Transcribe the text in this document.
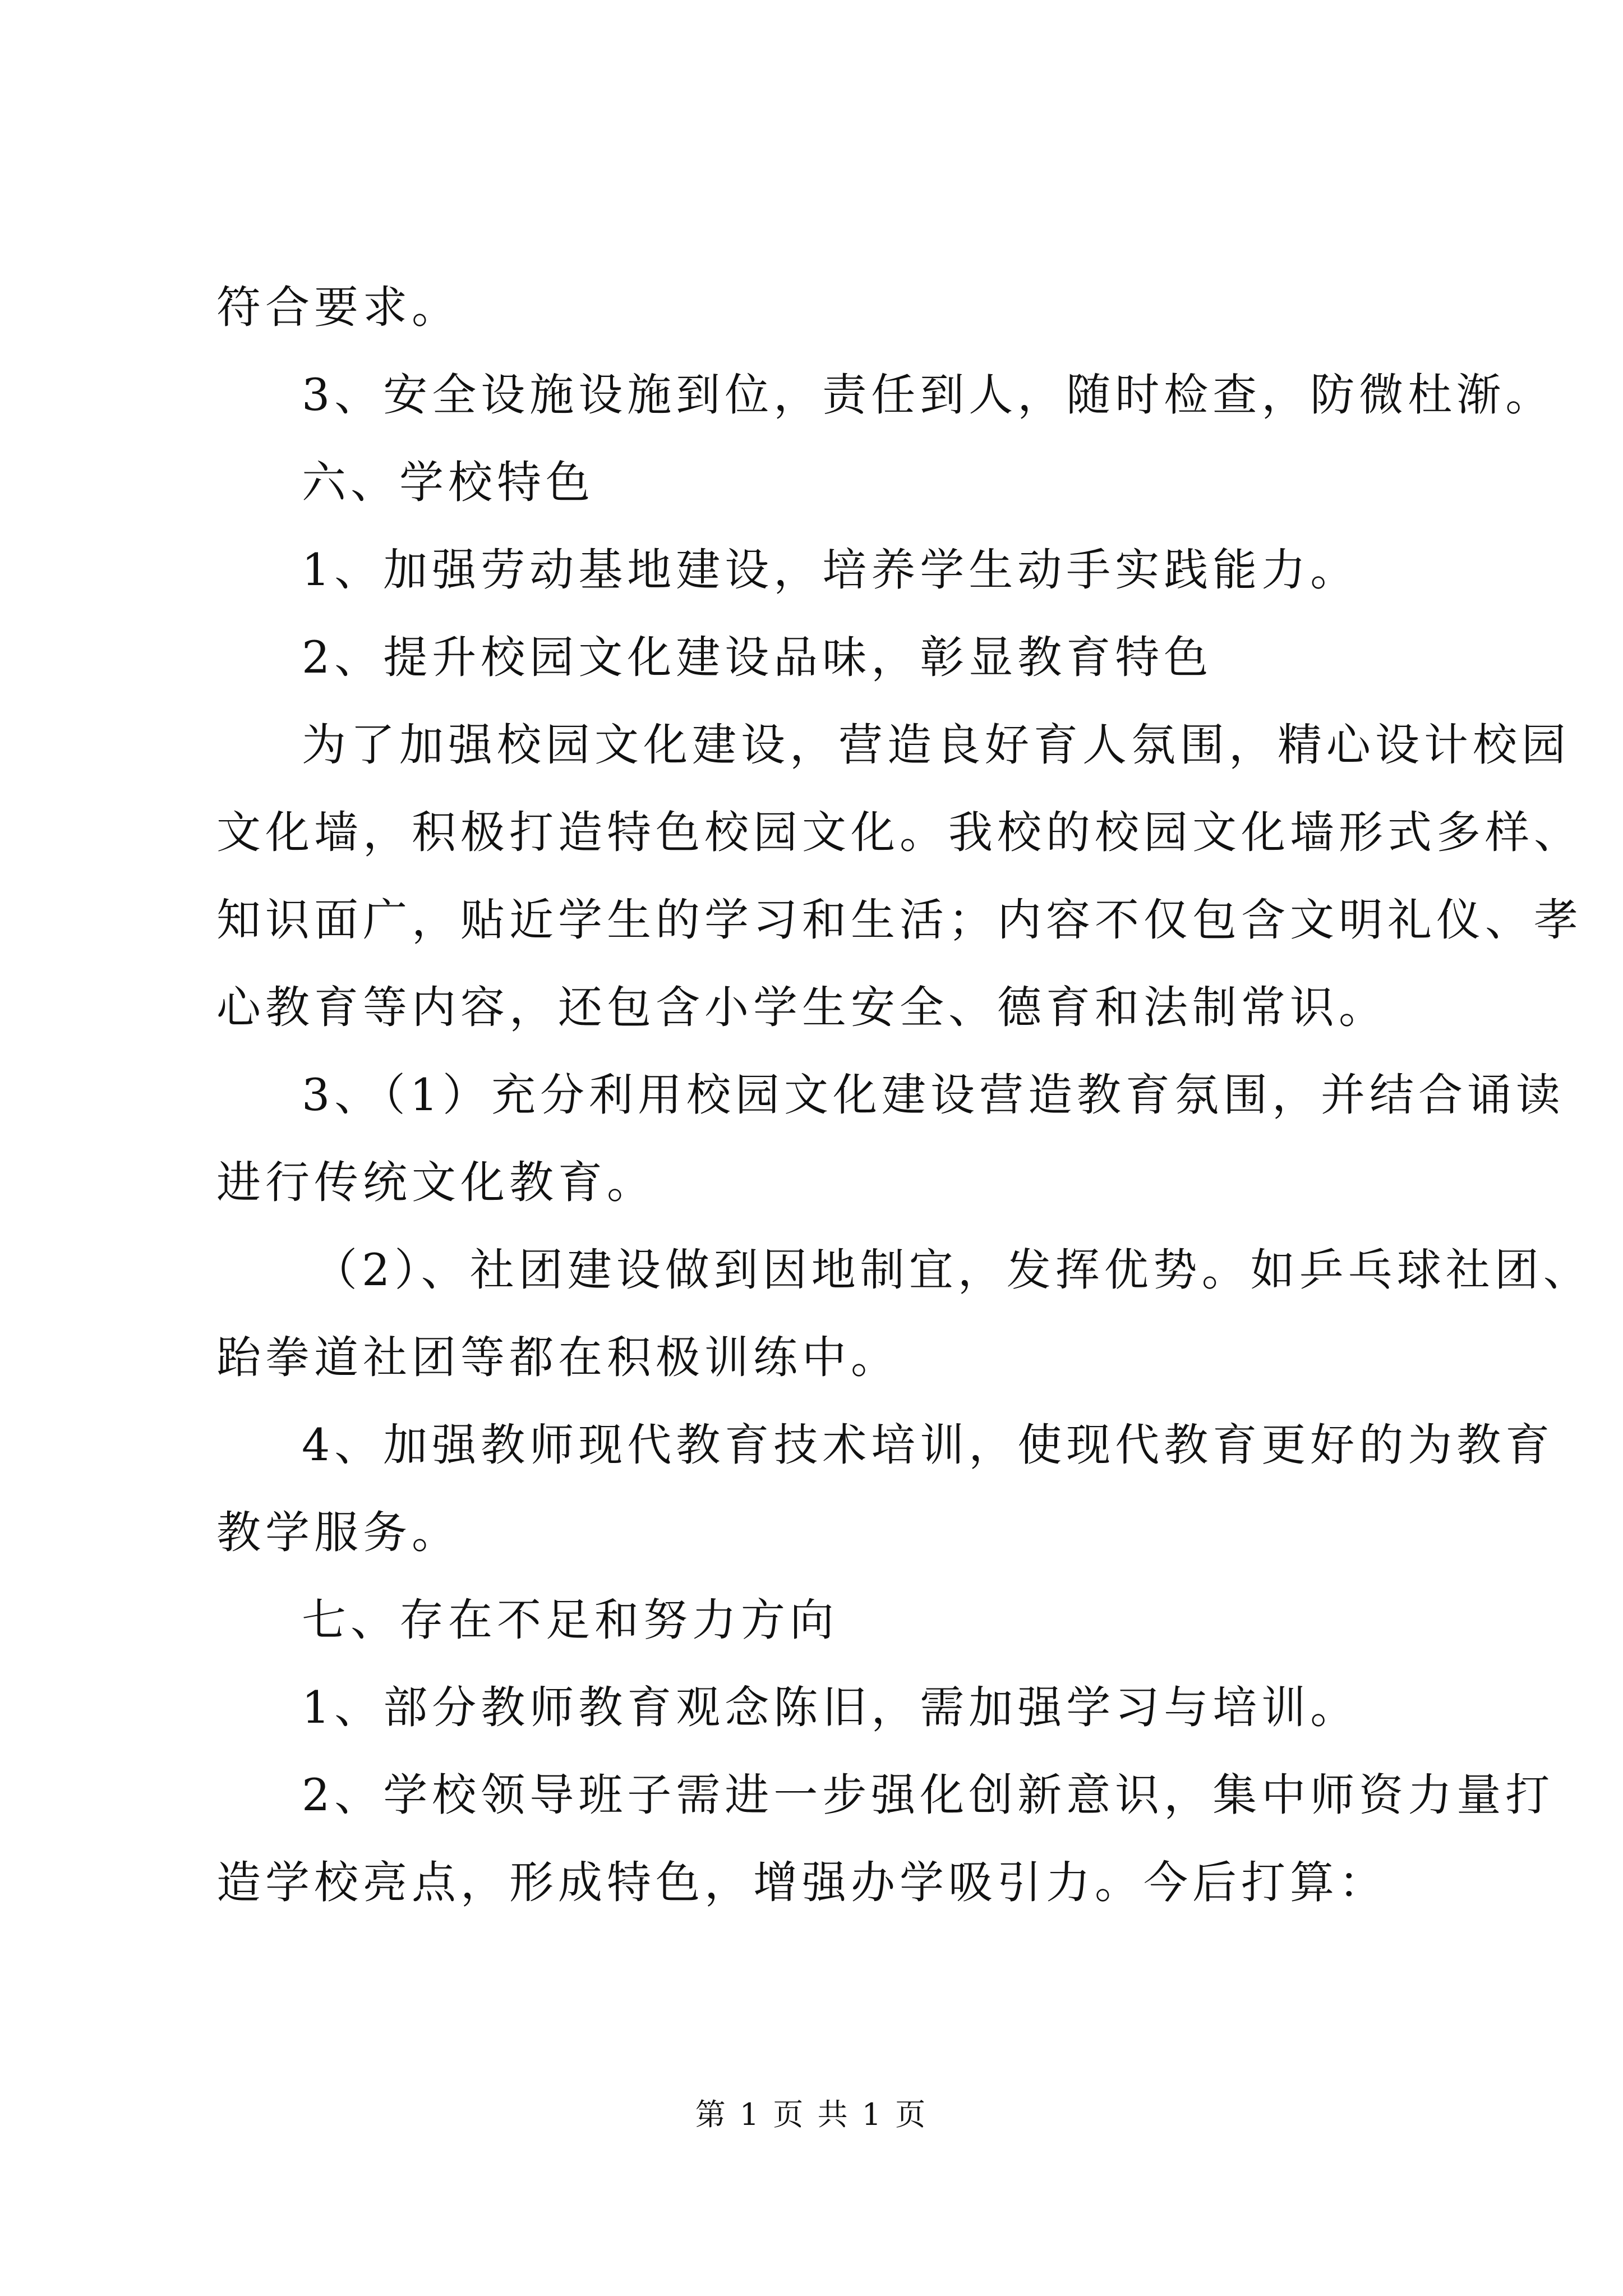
符合要求。

3、安全设施设施到位，责任到人，随时检查，防微杜渐。

六、学校特色

1、加强劳动基地建设，培养学生动手实践能力。

2、提升校园文化建设品味，彰显教育特色

为了加强校园文化建设，营造良好育人氛围，精心设计校园

文化墙，积极打造特色校园文化。我校的校园文化墙形式多样、

知识面广，贴近学生的学习和生活；内容不仅包含文明礼仪、孝

心教育等内容，还包含小学生安全、德育和法制常识。

3、（1）充分利用校园文化建设营造教育氛围，并结合诵读

进行传统文化教育。

（2）、社团建设做到因地制宜，发挥优势。如乒乓球社团、

跆拳道社团等都在积极训练中。

4、加强教师现代教育技术培训，使现代教育更好的为教育

教学服务。

七、存在不足和努力方向

1、部分教师教育观念陈旧，需加强学习与培训。

2、学校领导班子需进一步强化创新意识，集中师资力量打

造学校亮点，形成特色，增强办学吸引力。今后打算：

第 1 页 共 1 页
